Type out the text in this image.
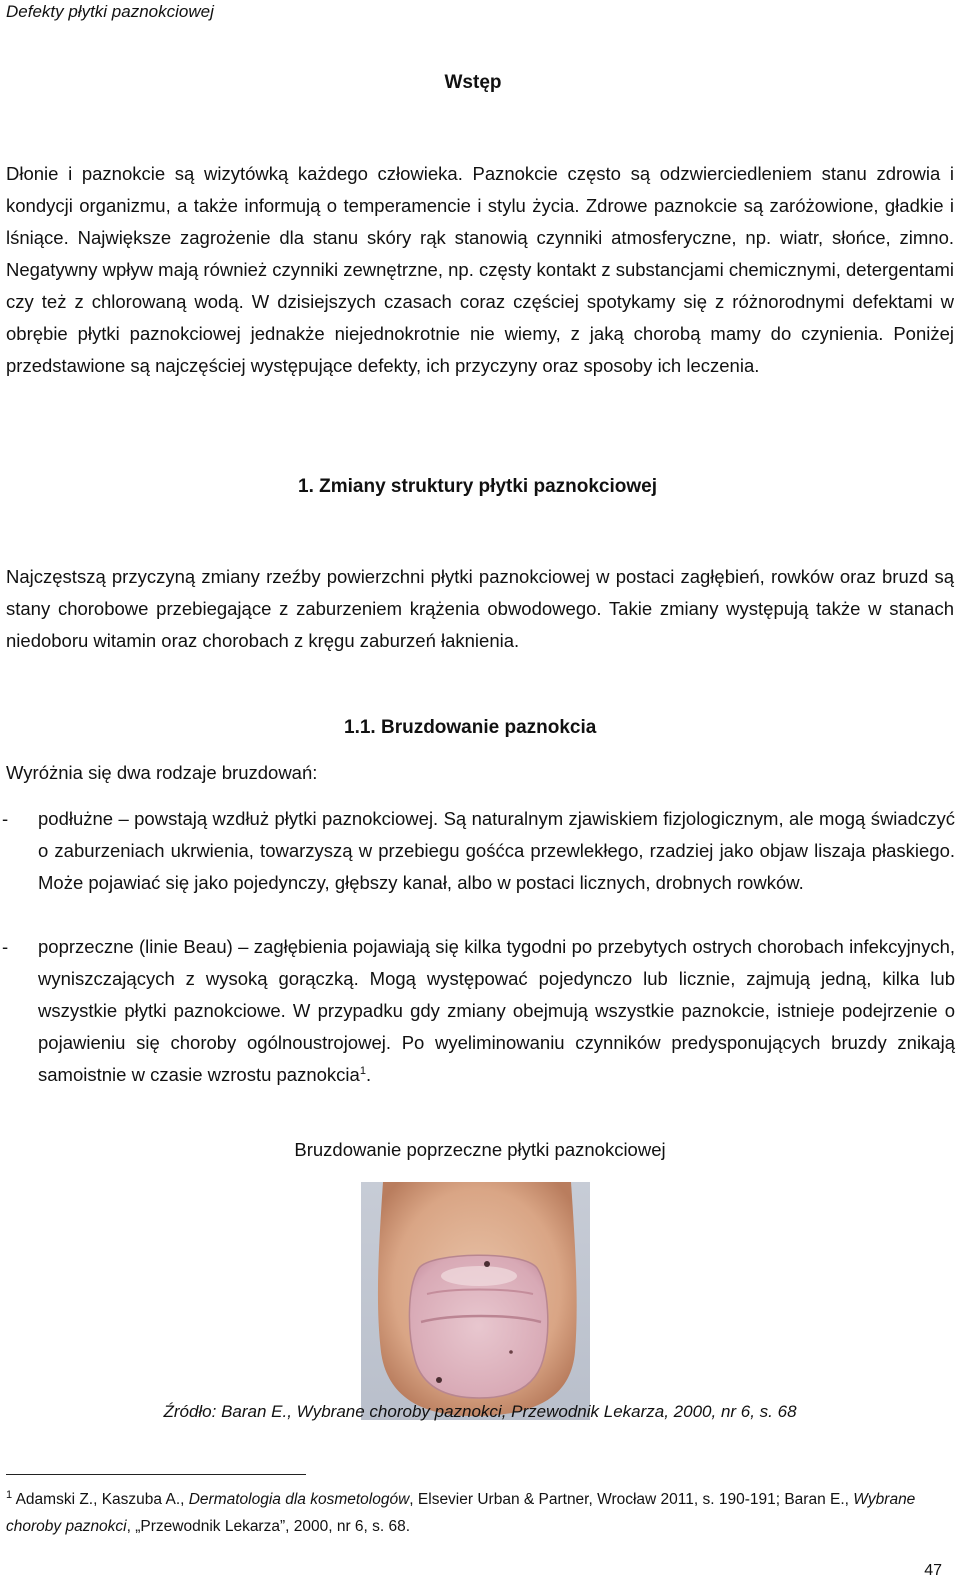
Defekty płytki paznokciowej
Wstęp

Dłonie i paznokcie są wizytówką każdego człowieka. Paznokcie często są odzwierciedleniem stanu zdrowia i kondycji organizmu, a także informują o temperamencie i stylu życia. Zdrowe paznokcie są zaróżowione, gładkie i lśniące. Największe zagrożenie dla stanu skóry rąk stanowią czynniki atmosferyczne, np. wiatr, słońce, zimno. Negatywny wpływ mają również czynniki zewnętrzne, np. częsty kontakt z substancjami chemicznymi, detergentami czy też z chlorowaną wodą. W dzisiejszych czasach coraz częściej spotykamy się z różnorodnymi defektami w obrębie płytki paznokciowej jednakże niejednokrotnie nie wiemy, z jaką chorobą mamy do czynienia. Poniżej przedstawione są najczęściej występujące defekty, ich przyczyny oraz sposoby ich leczenia.

1. Zmiany struktury płytki paznokciowej

Najczęstszą przyczyną zmiany rzeźby powierzchni płytki paznokciowej w postaci zagłębień, rowków oraz bruzd są stany chorobowe przebiegające z zaburzeniem krążenia obwodowego. Takie zmiany występują także w stanach niedoboru witamin oraz chorobach z kręgu zaburzeń łaknienia.

1.1. Bruzdowanie paznokcia
Wyróżnia się dwa rodzaje bruzdowań:
- podłużne – powstają wzdłuż płytki paznokciowej. Są naturalnym zjawiskiem fizjologicznym, ale mogą świadczyć o zaburzeniach ukrwienia, towarzyszą w przebiegu gośćca przewlekłego, rzadziej jako objaw liszaja płaskiego. Może pojawiać się jako pojedynczy, głębszy kanał, albo w postaci licznych, drobnych rowków.
- poprzeczne (linie Beau) – zagłębienia pojawiają się kilka tygodni po przebytych ostrych chorobach infekcyjnych, wyniszczających z wysoką gorączką. Mogą występować pojedynczo lub licznie, zajmują jedną, kilka lub wszystkie płytki paznokciowe. W przypadku gdy zmiany obejmują wszystkie paznokcie, istnieje podejrzenie o pojawieniu się choroby ogólnoustrojowej. Po wyeliminowaniu czynników predysponujących bruzdy znikają samoistnie w czasie wzrostu paznokcia$^1$.
Bruzdowanie poprzeczne płytki paznokciowej
Źródło: Baran E., Wybrane choroby paznokci, Przewodnik Lekarza, 2000, nr 6, s. 68
$^1$ Adamski Z., Kaszuba A., Dermatologia dla kosmetologów, Elsevier Urban & Partner, Wrocław 2011, s. 190-191; Baran E., Wybrane choroby paznokci, „Przewodnik Lekarza”, 2000, nr 6, s. 68.
47
